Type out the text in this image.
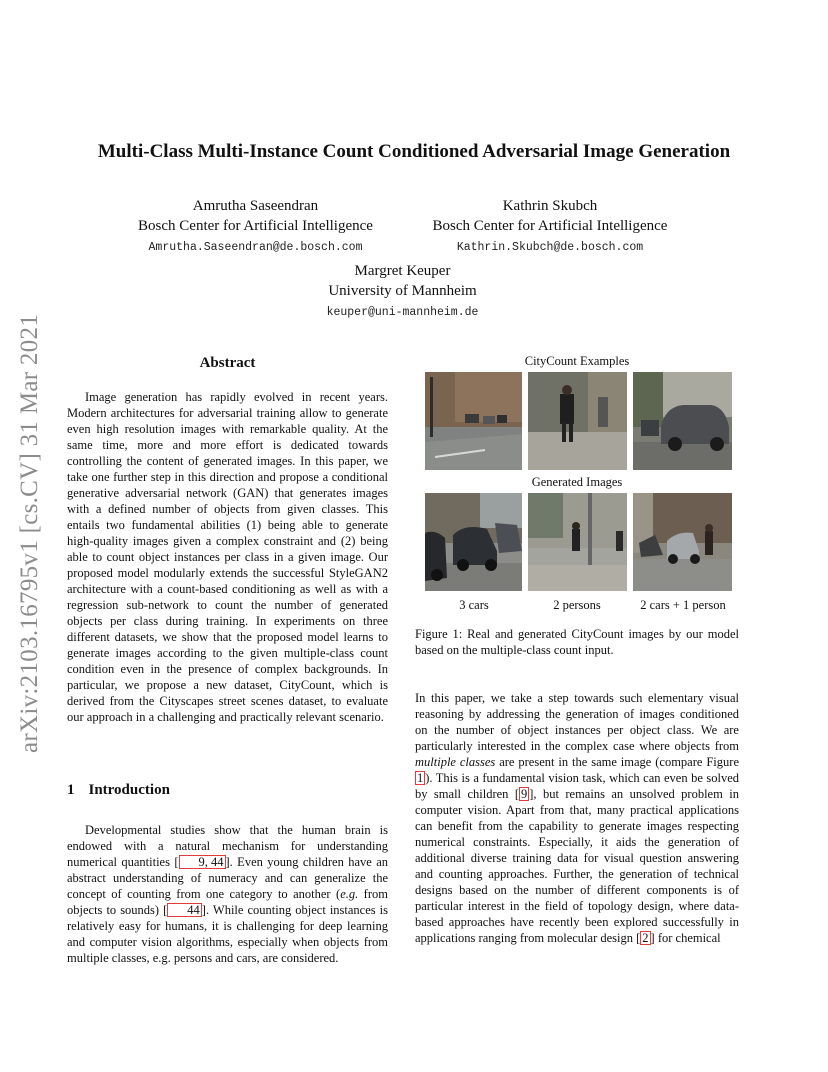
arXiv:2103.16795v1 [cs.CV] 31 Mar 2021
Multi-Class Multi-Instance Count Conditioned Adversarial Image Generation
Amrutha Saseendran
Bosch Center for Artificial Intelligence
Amrutha.Saseendran@de.bosch.com
Kathrin Skubch
Bosch Center for Artificial Intelligence
Kathrin.Skubch@de.bosch.com
Margret Keuper
University of Mannheim
keuper@uni-mannheim.de
Abstract

Image generation has rapidly evolved in recent years. Modern architectures for adversarial training allow to generate even high resolution images with remarkable quality. At the same time, more and more effort is dedicated towards controlling the content of generated images. In this paper, we take one further step in this direction and propose a conditional generative adversarial network (GAN) that generates images with a defined number of objects from given classes. This entails two fundamental abilities (1) being able to generate high-quality images given a complex constraint and (2) being able to count object instances per class in a given image. Our proposed model modularly extends the successful StyleGAN2 architecture with a count-based conditioning as well as with a regression sub-network to count the number of generated objects per class during training. In experiments on three different datasets, we show that the proposed model learns to generate images according to the given multiple-class count condition even in the presence of complex backgrounds. In particular, we propose a new dataset, CityCount, which is derived from the Cityscapes street scenes dataset, to evaluate our approach in a challenging and practically relevant scenario.

1 Introduction

Developmental studies show that the human brain is endowed with a natural mechanism for understanding numerical quantities [ 9, 44 ]. Even young children have an abstract understanding of numeracy and can generalize the concept of counting from one category to another (e.g. from objects to sounds) [ 44 ]. While counting object instances is relatively easy for humans, it is challenging for deep learning and computer vision algorithms, especially when objects from multiple classes, e.g. persons and cars, are considered.

CityCount Examples
Generated Images
3 cars	2 persons	2 cars + 1 person
Figure 1: Real and generated CityCount images by our model based on the multiple-class count input.

In this paper, we take a step towards such elementary visual reasoning by addressing the generation of images conditioned on the number of object instances per object class. We are particularly interested in the complex case where objects from multiple classes are present in the same image (compare Figure 1 ). This is a fundamental vision task, which can even be solved by small children [ 9 ], but remains an unsolved problem in computer vision. Apart from that, many practical applications can benefit from the capability to generate images respecting numerical constraints. Especially, it aids the generation of additional diverse training data for visual question answering and counting approaches. Further, the generation of technical designs based on the number of different components is of particular interest in the field of topology design, where data-based approaches have recently been explored successfully in applications ranging from molecular design [ 2 ] for chemical
